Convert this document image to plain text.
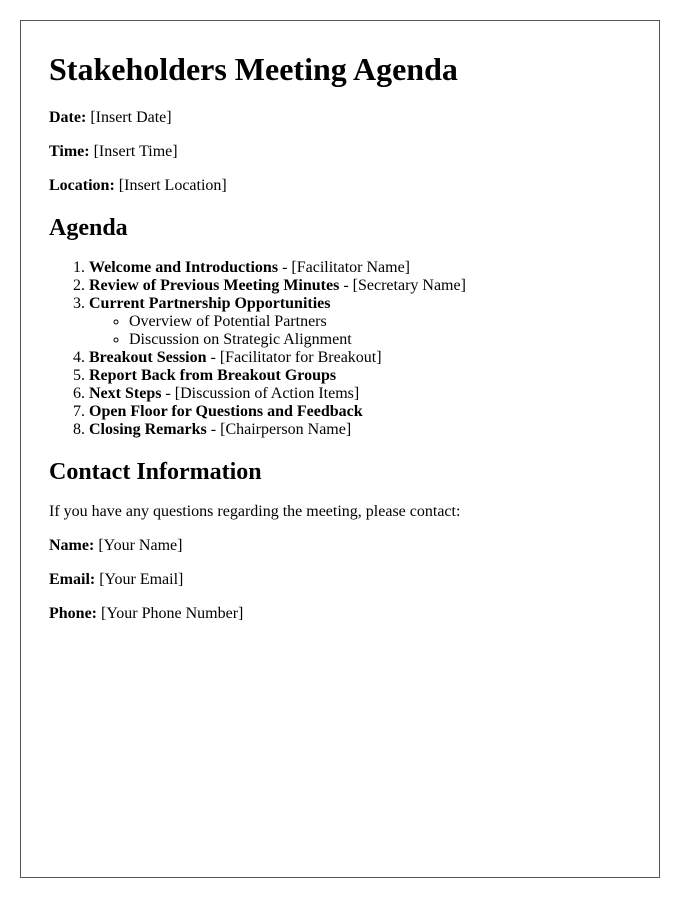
Stakeholders Meeting Agenda

Date: [Insert Date]

Time: [Insert Time]

Location: [Insert Location]

Agenda
1. Welcome and Introductions - [Facilitator Name]
2. Review of Previous Meeting Minutes - [Secretary Name]
3. Current Partnership Opportunities
◦ Overview of Potential Partners
◦ Discussion on Strategic Alignment
4. Breakout Session - [Facilitator for Breakout]
5. Report Back from Breakout Groups
6. Next Steps - [Discussion of Action Items]
7. Open Floor for Questions and Feedback
8. Closing Remarks - [Chairperson Name]
Contact Information

If you have any questions regarding the meeting, please contact:

Name: [Your Name]

Email: [Your Email]

Phone: [Your Phone Number]
